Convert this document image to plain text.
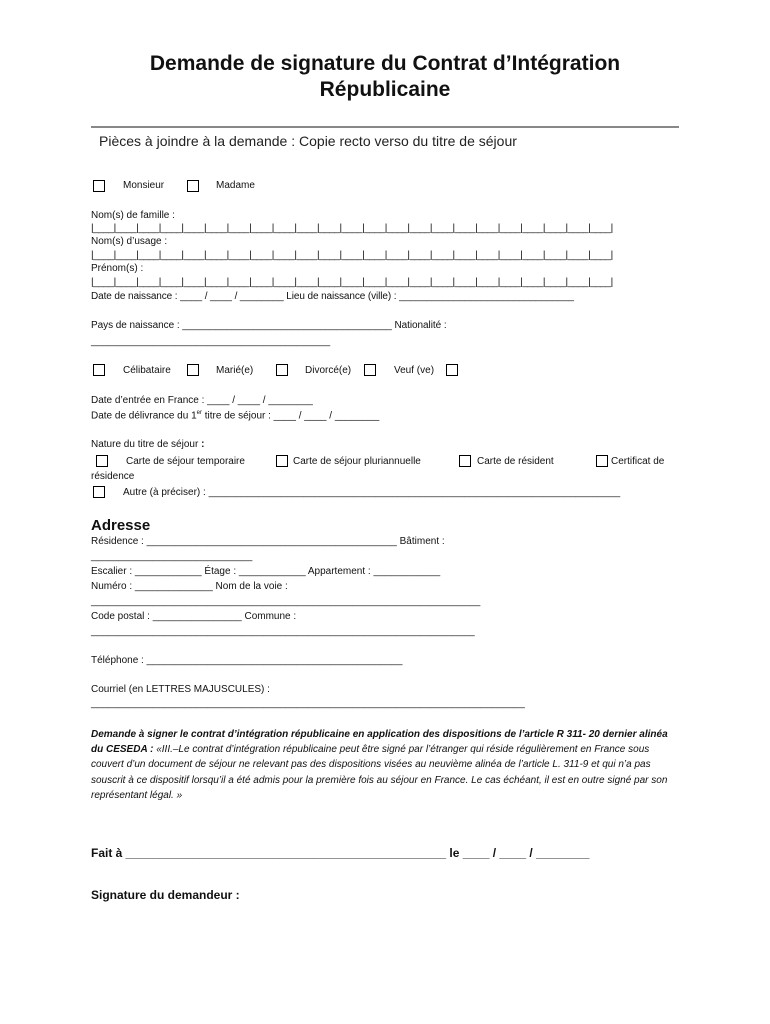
Demande de signature du Contrat d’Intégration
Républicaine
Pièces à joindre à la demande : Copie recto verso du titre de séjour
Monsieur	Madame
Nom(s) de famille :
|____|____|____|____|____|____|____|____|____|____|____|____|____|____|____|____|____|____|____|____|____|____|____|
Nom(s) d’usage :
|____|____|____|____|____|____|____|____|____|____|____|____|____|____|____|____|____|____|____|____|____|____|____|
Prénom(s) :
|____|____|____|____|____|____|____|____|____|____|____|____|____|____|____|____|____|____|____|____|____|____|____|
Date de naissance : ____ / ____ / ________ Lieu de naissance (ville) : ________________________________
Pays de naissance : ______________________________________ Nationalité :
___________________________________________
Célibataire	Marié(e)	Divorcé(e)	Veuf (ve)
Date d’entrée en France : ____ / ____ / ________
Date de délivrance du 1er titre de séjour : ____ / ____ / ________
Nature du titre de séjour :
Carte de séjour temporaire	Carte de séjour pluriannuelle	Carte de résident	Certificat de
résidence
Autre (à préciser) : __________________________________________________________________________
Adresse
Résidence : _____________________________________________ Bâtiment :
_____________________________
Escalier : ____________ Étage : ____________ Appartement : ____________
Numéro : ______________ Nom de la voie :
______________________________________________________________________
Code postal : ________________ Commune :
_____________________________________________________________________
Téléphone : ______________________________________________
Courriel (en LETTRES MAJUSCULES) :
______________________________________________________________________________
Demande à signer le contrat d’intégration républicaine en application des dispositions de l’article R 311- 20 dernier alinéa du CESEDA : «III.–Le contrat d’intégration républicaine peut être signé par l’étranger qui réside régulièrement en France sous couvert d’un document de séjour ne relevant pas des dispositions visées au neuvième alinéa de l’article L. 311-9 et qui n’a pas souscrit à ce dispositif lorsqu’il a été admis pour la première fois au séjour en France. Le cas échéant, il est en outre signé par son représentant légal. »
Fait à ________________________________________________ le ____ / ____ / ________
Signature du demandeur :
